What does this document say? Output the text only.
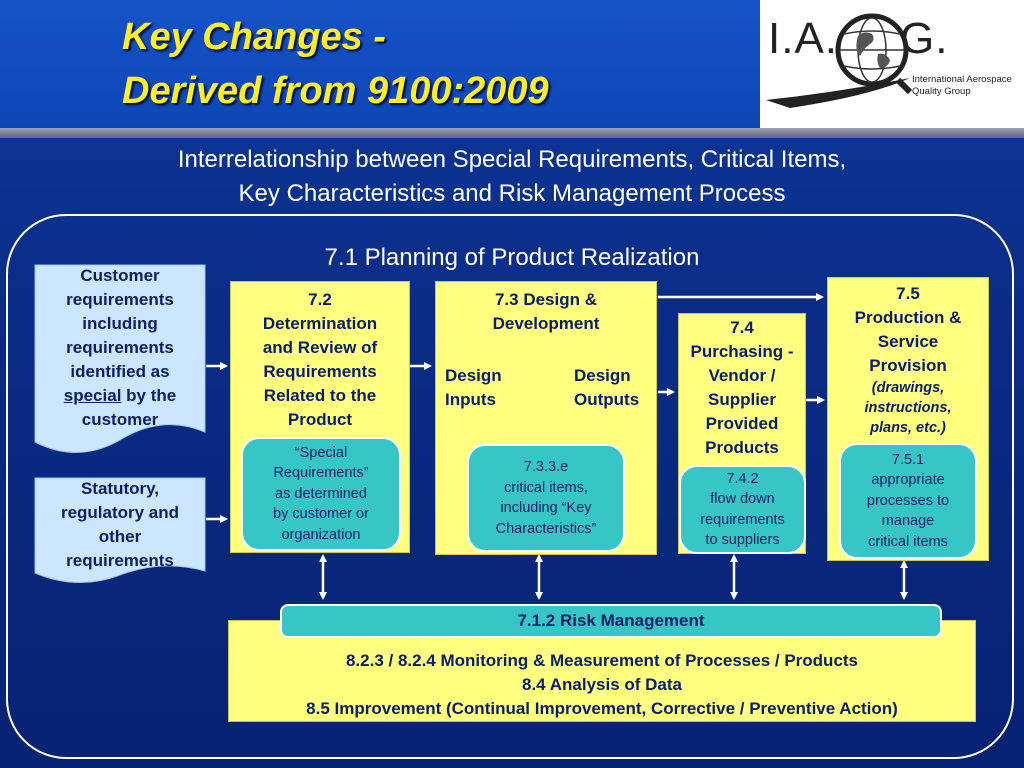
Key Changes -
Derived from 9100:2009
I.A. G.
International Aerospace
Quality Group
Interrelationship between Special Requirements, Critical Items,
Key Characteristics and Risk Management Process
7.1 Planning of Product Realization
Customer
requirements
including
requirements
identified as
special by the
customer
Statutory,
regulatory and
other
requirements
7.2
Determination
and Review of
Requirements
Related to the
Product
“Special
Requirements”
as determined
by customer or
organization
7.3 Design &
Development
Design
Inputs
Design
Outputs
7.3.3.e
critical items,
including “Key
Characteristics”
7.4
Purchasing -
Vendor /
Supplier
Provided
Products
7.4.2
flow down
requirements
to suppliers
7.5
Production &
Service
Provision
(drawings,
instructions,
plans, etc.)
7.5.1
appropriate
processes to
manage
critical items
8.2.3 / 8.2.4 Monitoring & Measurement of Processes / Products
8.4 Analysis of Data
8.5 Improvement (Continual Improvement, Corrective / Preventive Action)
7.1.2 Risk Management
